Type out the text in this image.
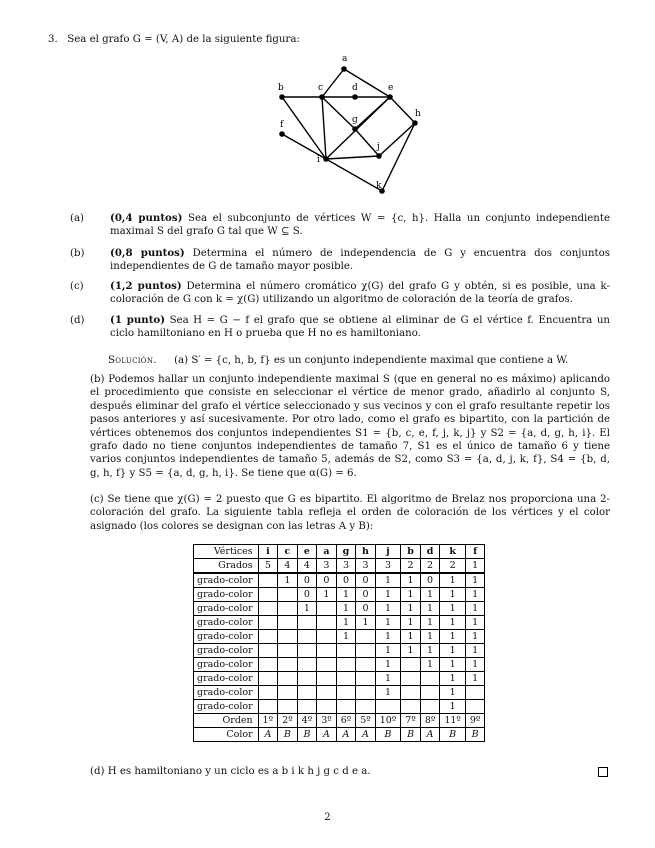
3. Sea el grafo G = (V, A) de la siguiente figura:
a
b	c	d	e
f	g
h
i
j
k
(a)	(0,4 puntos) Sea el subconjunto de vértices W = {c, h}. Halla un conjunto independiente maximal S del grafo G tal que W ⊆ S.
(b)	(0,8 puntos) Determina el número de independencia de G y encuentra dos conjuntos independientes de G de tamaño mayor posible.
(c)	(1,2 puntos) Determina el número cromático χ(G) del grafo G y obtén, si es posible, una k-coloración de G con k = χ(G) utilizando un algoritmo de coloración de la teoría de grafos.
(d)	(1 punto) Sea H = G − f el grafo que se obtiene al eliminar de G el vértice f. Encuentra un ciclo hamiltoniano en H o prueba que H no es hamiltoniano.
Solución. (a) S′ = {c, h, b, f} es un conjunto independiente maximal que contiene a W.
(b) Podemos hallar un conjunto independiente maximal S (que en general no es máximo) aplicando el procedimiento que consiste en seleccionar el vértice de menor grado, añadirlo al conjunto S, después eliminar del grafo el vértice seleccionado y sus vecinos y con el grafo resultante repetir los pasos anteriores y así sucesivamente. Por otro lado, como el grafo es bipartito, con la partición de vértices obtenemos dos conjuntos independientes S1 = {b, c, e, f, j, k, j} y S2 = {a, d, g, h, i}. El grafo dado no tiene conjuntos independientes de tamaño 7, S1 es el único de tamaño 6 y tiene varios conjuntos independientes de tamaño 5, además de S2, como S3 = {a, d, j, k, f}, S4 = {b, d, g, h, f} y S5 = {a, d, g, h, i}. Se tiene que α(G) = 6.
(c) Se tiene que χ(G) = 2 puesto que G es bipartito. El algoritmo de Brelaz nos proporciona una 2-coloración del grafo. La siguiente tabla refleja el orden de coloración de los vértices y el color asignado (los colores se designan con las letras A y B):
Vértices	i	c	e	a	g	h	j	b	d	k	f
Grados	5	4	4	3	3	3	3	2	2	2	1
grado-color		1	0	0	0	0	1	1	0	1	1
grado-color			0	1	1	0	1	1	1	1	1
grado-color			1		1	0	1	1	1	1	1
grado-color					1	1	1	1	1	1	1
grado-color					1		1	1	1	1	1
grado-color							1	1	1	1	1
grado-color							1		1	1	1
grado-color							1			1	1
grado-color							1			1	
grado-color										1	
Orden	1º	2º	4º	3º	6º	5º	10º	7º	8º	11º	9º
Color	A	B	B	A	A	A	B	B	A	B	B
(d) H es hamiltoniano y un ciclo es a b i k h j g c d e a.
2
